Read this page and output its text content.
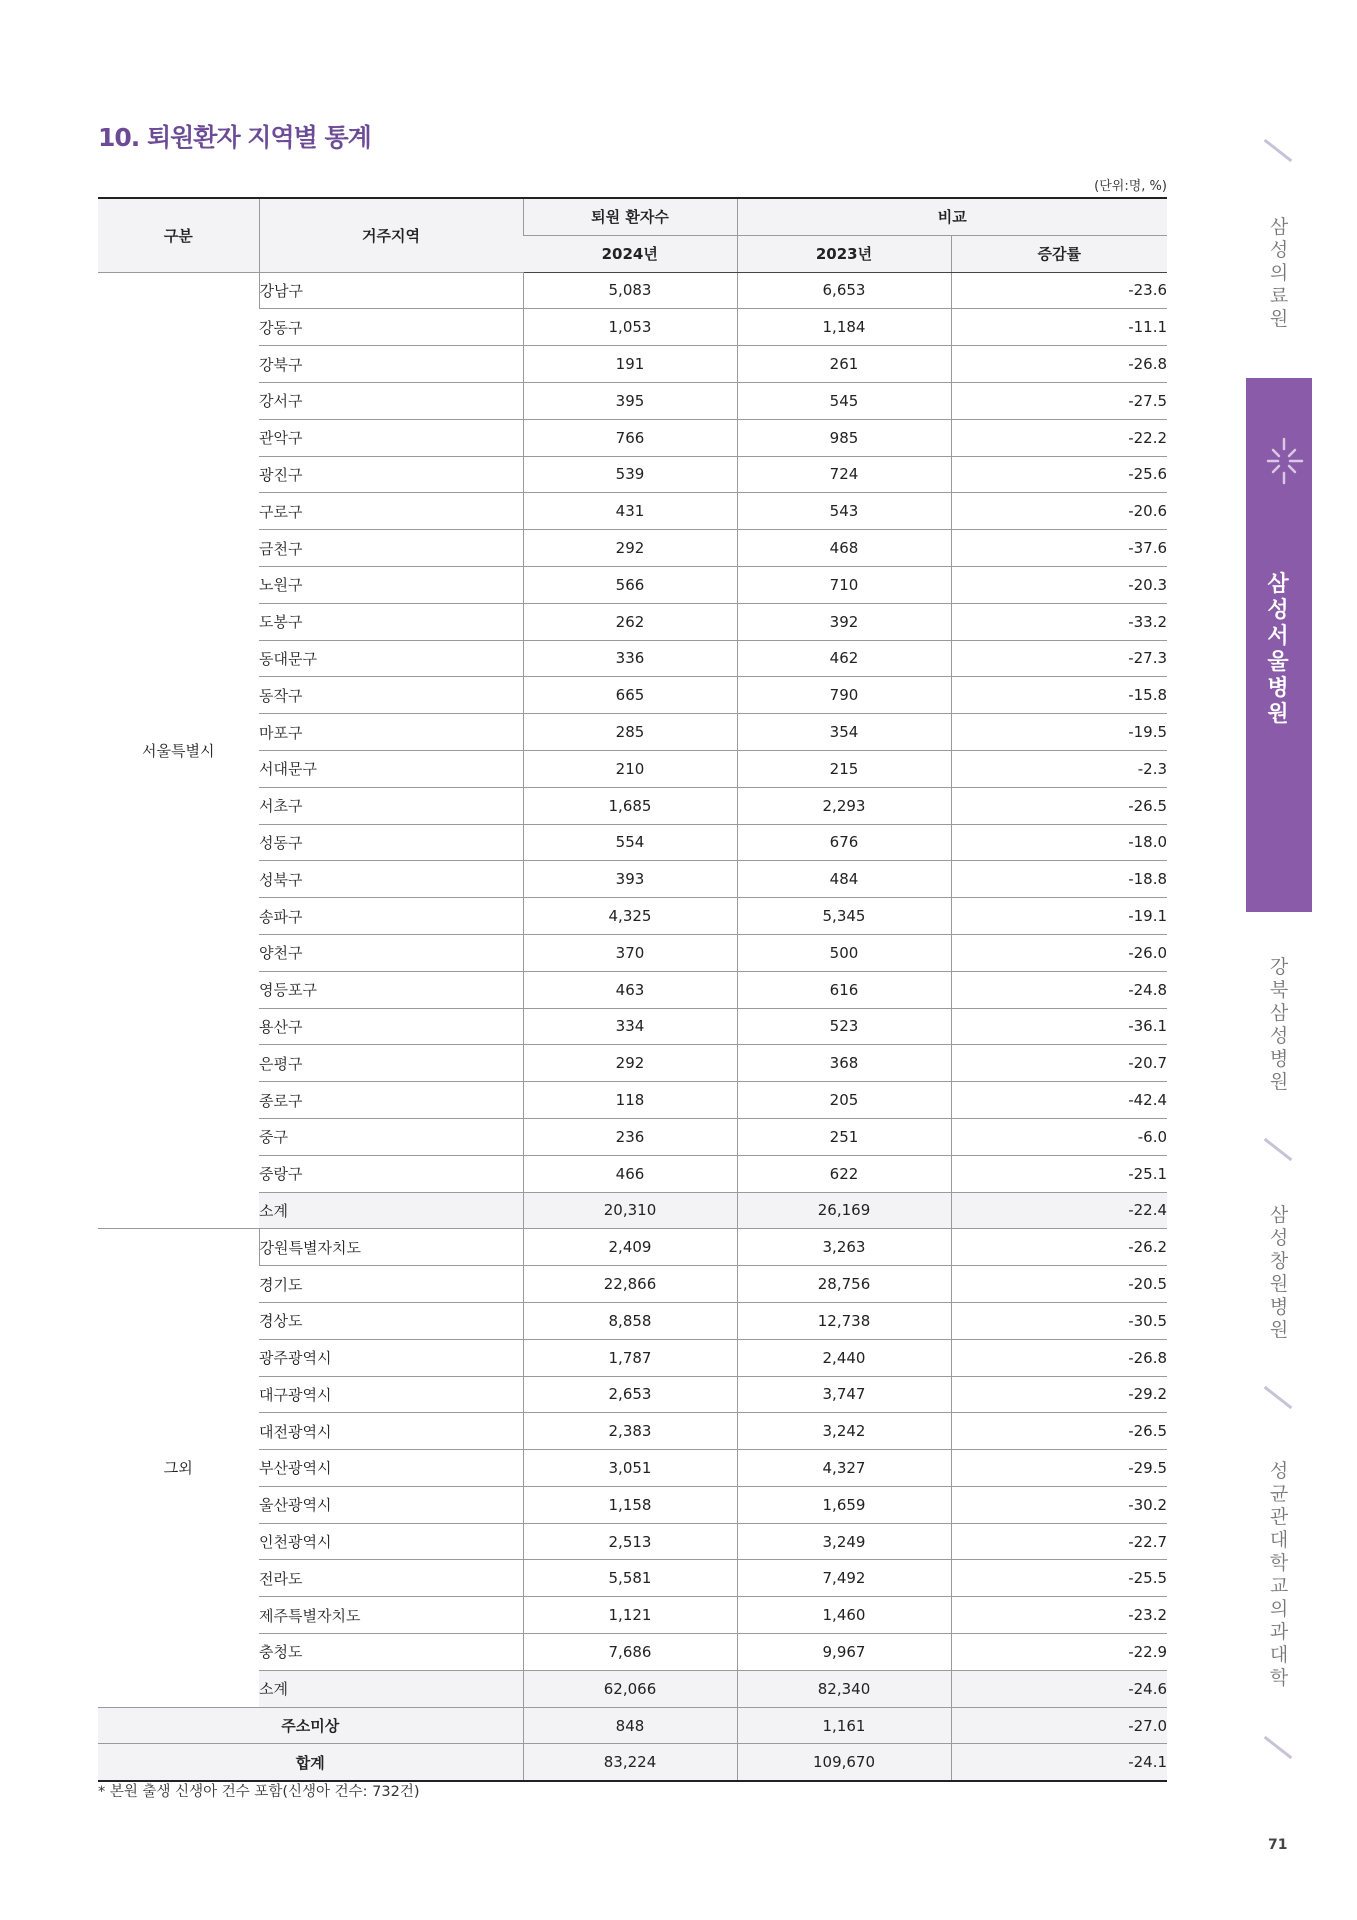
10. 퇴원환자 지역별 통계
(단위:명, %)
구분	거주지역	퇴원 환자수	비교	
		2024년	2023년	증감률
서울특별시	강남구	5,083	6,653	-23.6
	강동구	1,053	1,184	-11.1
	강북구	191	261	-26.8
	강서구	395	545	-27.5
	관악구	766	985	-22.2
	광진구	539	724	-25.6
	구로구	431	543	-20.6
	금천구	292	468	-37.6
	노원구	566	710	-20.3
	도봉구	262	392	-33.2
	동대문구	336	462	-27.3
	동작구	665	790	-15.8
	마포구	285	354	-19.5
	서대문구	210	215	-2.3
	서초구	1,685	2,293	-26.5
	성동구	554	676	-18.0
	성북구	393	484	-18.8
	송파구	4,325	5,345	-19.1
	양천구	370	500	-26.0
	영등포구	463	616	-24.8
	용산구	334	523	-36.1
	은평구	292	368	-20.7
	종로구	118	205	-42.4
	중구	236	251	-6.0
	중랑구	466	622	-25.1
	소계	20,310	26,169	-22.4
그외	강원특별자치도	2,409	3,263	-26.2
	경기도	22,866	28,756	-20.5
	경상도	8,858	12,738	-30.5
	광주광역시	1,787	2,440	-26.8
	대구광역시	2,653	3,747	-29.2
	대전광역시	2,383	3,242	-26.5
	부산광역시	3,051	4,327	-29.5
	울산광역시	1,158	1,659	-30.2
	인천광역시	2,513	3,249	-22.7
	전라도	5,581	7,492	-25.5
	제주특별자치도	1,121	1,460	-23.2
	충청도	7,686	9,967	-22.9
	소계	62,066	82,340	-24.6
주소미상		848	1,161	-27.0
합계		83,224	109,670	-24.1
* 본원 출생 신생아 건수 포함(신생아 건수: 732건)
삼성의료원
삼성서울병원
강북삼성병원
삼성창원병원
성균관대학교 의과대학
71
